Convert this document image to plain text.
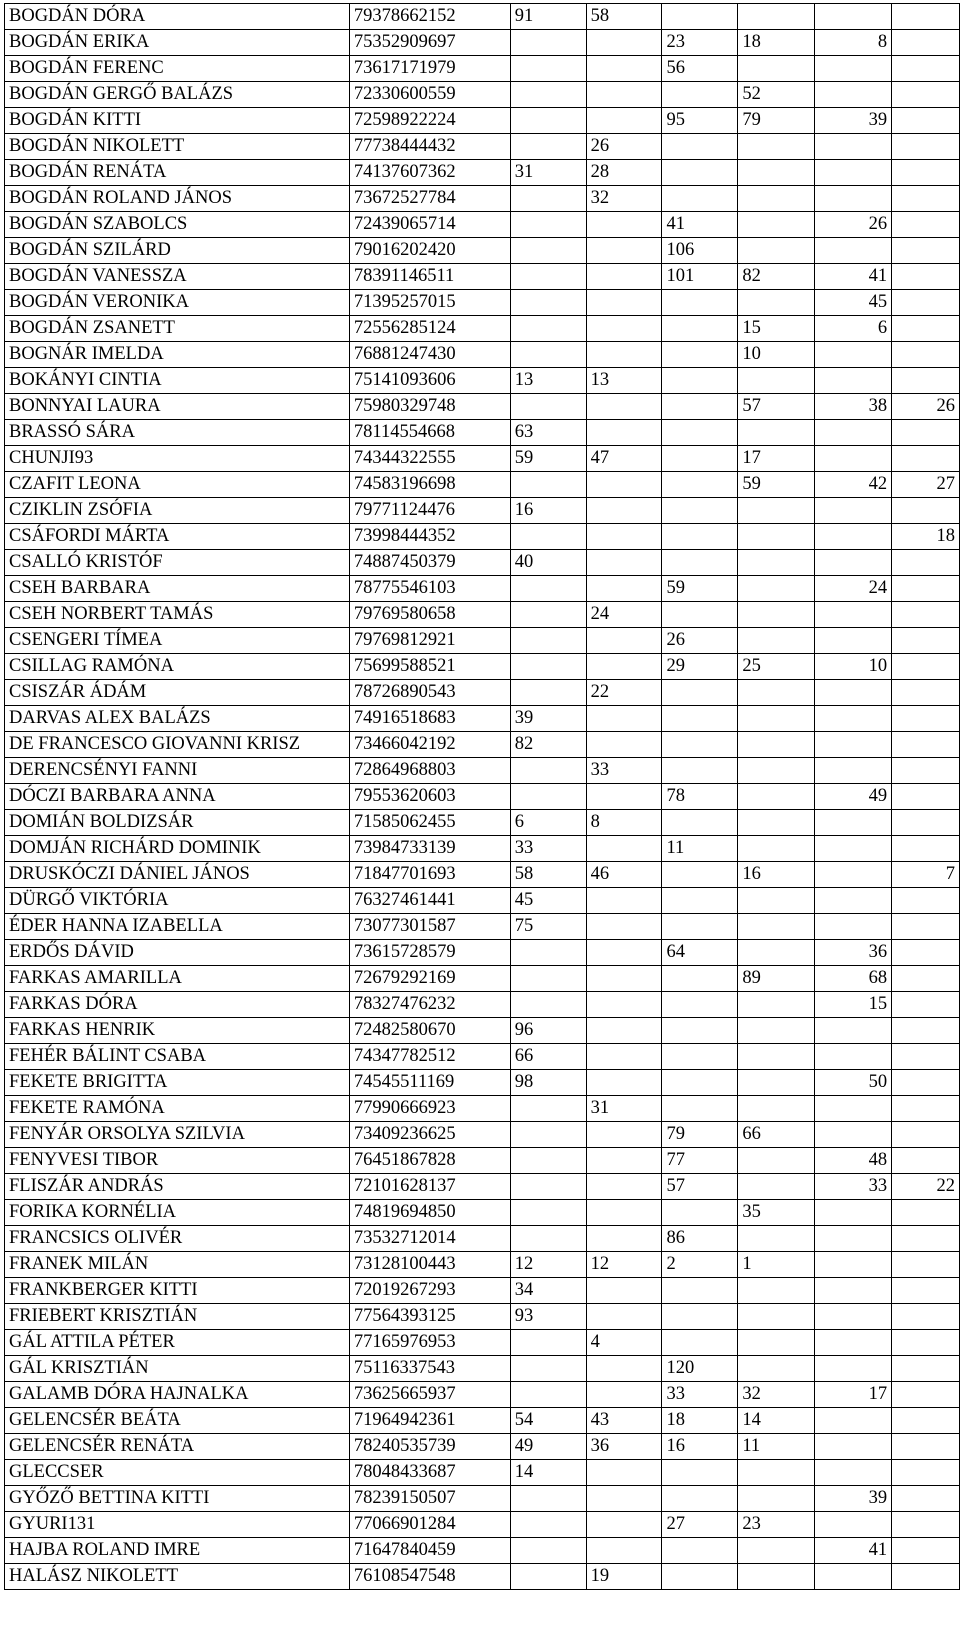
BOGDÁN DÓRA	79378662152	91	58				
BOGDÁN ERIKA	75352909697			23	18	8	
BOGDÁN FERENC	73617171979			56			
BOGDÁN GERGŐ BALÁZS	72330600559				52		
BOGDÁN KITTI	72598922224			95	79	39	
BOGDÁN NIKOLETT	77738444432		26				
BOGDÁN RENÁTA	74137607362	31	28				
BOGDÁN ROLAND JÁNOS	73672527784		32				
BOGDÁN SZABOLCS	72439065714			41		26	
BOGDÁN SZILÁRD	79016202420			106			
BOGDÁN VANESSZA	78391146511			101	82	41	
BOGDÁN VERONIKA	71395257015					45	
BOGDÁN ZSANETT	72556285124				15	6	
BOGNÁR IMELDA	76881247430				10		
BOKÁNYI CINTIA	75141093606	13	13				
BONNYAI LAURA	75980329748				57	38	26
BRASSÓ SÁRA	78114554668	63					
CHUNJI93	74344322555	59	47		17		
CZAFIT LEONA	74583196698				59	42	27
CZIKLIN ZSÓFIA	79771124476	16					
CSÁFORDI MÁRTA	73998444352						18
CSALLÓ KRISTÓF	74887450379	40					
CSEH BARBARA	78775546103			59		24	
CSEH NORBERT TAMÁS	79769580658		24				
CSENGERI TÍMEA	79769812921			26			
CSILLAG RAMÓNA	75699588521			29	25	10	
CSISZÁR ÁDÁM	78726890543		22				
DARVAS ALEX BALÁZS	74916518683	39					
DE FRANCESCO GIOVANNI KRISZ	73466042192	82					
DERENCSÉNYI FANNI	72864968803		33				
DÓCZI BARBARA ANNA	79553620603			78		49	
DOMIÁN BOLDIZSÁR	71585062455	6	8				
DOMJÁN RICHÁRD DOMINIK	73984733139	33		11			
DRUSKÓCZI DÁNIEL JÁNOS	71847701693	58	46		16		7
DÜRGŐ VIKTÓRIA	76327461441	45					
ÉDER HANNA IZABELLA	73077301587	75					
ERDŐS DÁVID	73615728579			64		36	
FARKAS AMARILLA	72679292169				89	68	
FARKAS DÓRA	78327476232					15	
FARKAS HENRIK	72482580670	96					
FEHÉR BÁLINT CSABA	74347782512	66					
FEKETE BRIGITTA	74545511169	98				50	
FEKETE RAMÓNA	77990666923		31				
FENYÁR ORSOLYA SZILVIA	73409236625			79	66		
FENYVESI TIBOR	76451867828			77		48	
FLISZÁR ANDRÁS	72101628137			57		33	22
FORIKA KORNÉLIA	74819694850				35		
FRANCSICS OLIVÉR	73532712014			86			
FRANEK MILÁN	73128100443	12	12	2	1		
FRANKBERGER KITTI	72019267293	34					
FRIEBERT KRISZTIÁN	77564393125	93					
GÁL ATTILA PÉTER	77165976953		4				
GÁL KRISZTIÁN	75116337543			120			
GALAMB DÓRA HAJNALKA	73625665937			33	32	17	
GELENCSÉR BEÁTA	71964942361	54	43	18	14		
GELENCSÉR RENÁTA	78240535739	49	36	16	11		
GLECCSER	78048433687	14					
GYŐZŐ BETTINA KITTI	78239150507					39	
GYURI131	77066901284			27	23		
HAJBA ROLAND IMRE	71647840459					41	
HALÁSZ NIKOLETT	76108547548		19				
